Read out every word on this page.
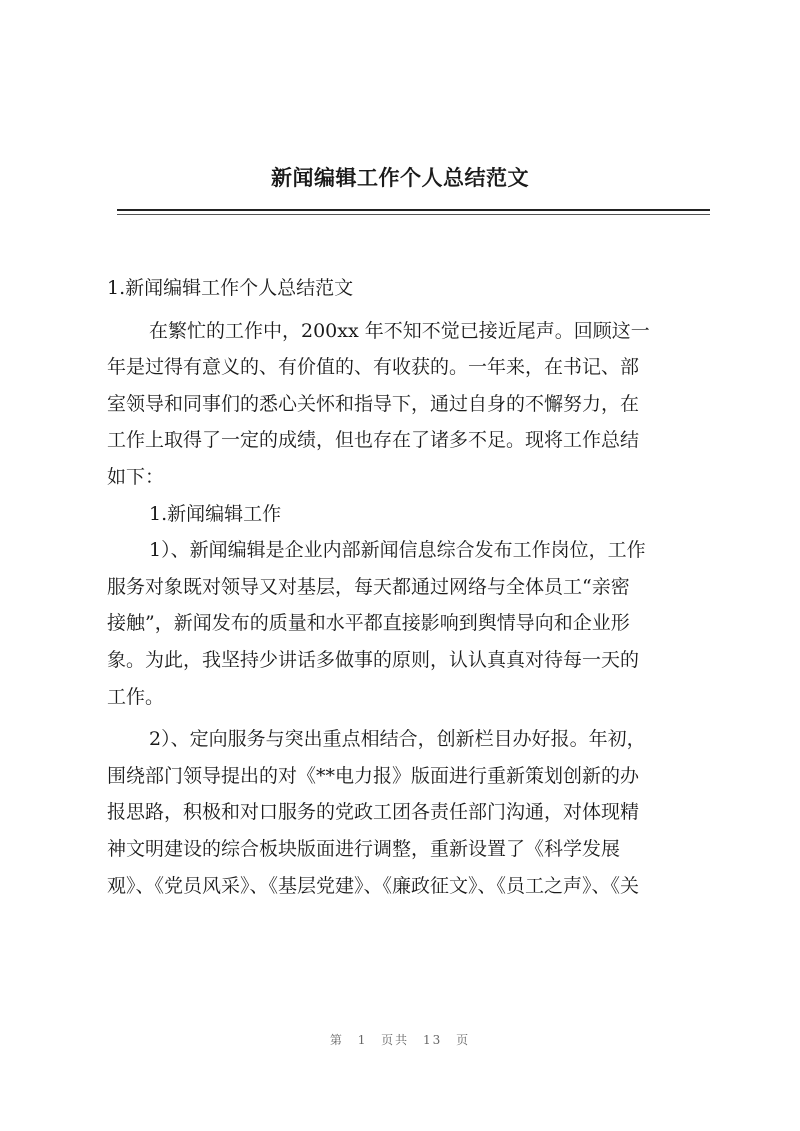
新闻编辑工作个人总结范文
1.新闻编辑工作个人总结范文
在繁忙的工作中，200xx 年不知不觉已接近尾声。回顾这一
年是过得有意义的、有价值的、有收获的。一年来，在书记、部
室领导和同事们的悉心关怀和指导下，通过自身的不懈努力，在
工作上取得了一定的成绩，但也存在了诸多不足。现将工作总结
如下：
1.新闻编辑工作
1）、新闻编辑是企业内部新闻信息综合发布工作岗位，工作
服务对象既对领导又对基层，每天都通过网络与全体员工“亲密
接触”，新闻发布的质量和水平都直接影响到舆情导向和企业形
象。为此，我坚持少讲话多做事的原则，认认真真对待每一天的
工作。
2）、定向服务与突出重点相结合，创新栏目办好报。年初，
围绕部门领导提出的对《**电力报》版面进行重新策划创新的办
报思路，积极和对口服务的党政工团各责任部门沟通，对体现精
神文明建设的综合板块版面进行调整，重新设置了《科学发展
观》、《党员风采》、《基层党建》、《廉政征文》、《员工之声》、《关
第 1 页共 13 页
